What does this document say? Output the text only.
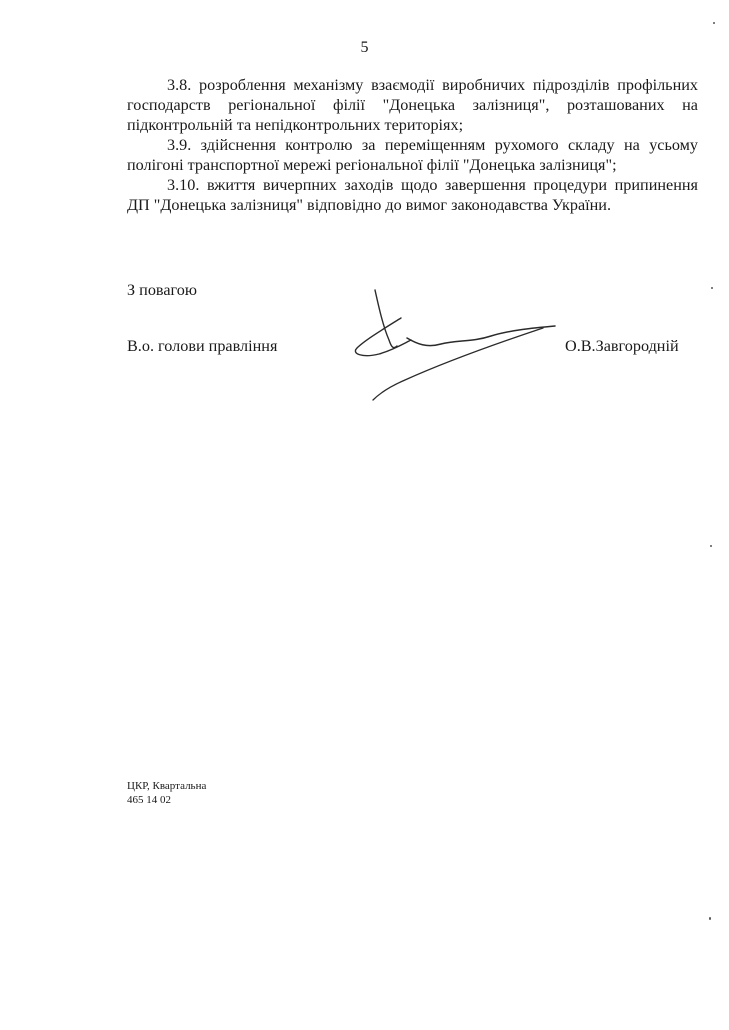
5

3.8. розроблення механізму взаємодії виробничих підрозділів профільних господарств регіональної філії "Донецька залізниця", розташованих на підконтрольній та непідконтрольних територіях;

3.9. здійснення контролю за переміщенням рухомого складу на усьому полігоні транспортної мережі регіональної філії "Донецька залізниця";

3.10. вжиття вичерпних заходів щодо завершення процедури припинення ДП "Донецька залізниця" відповідно до вимог законодавства України.

З повагою
В.о. голови правління	О.В.Завгородній
ЦКР, Квартальна
465 14 02
